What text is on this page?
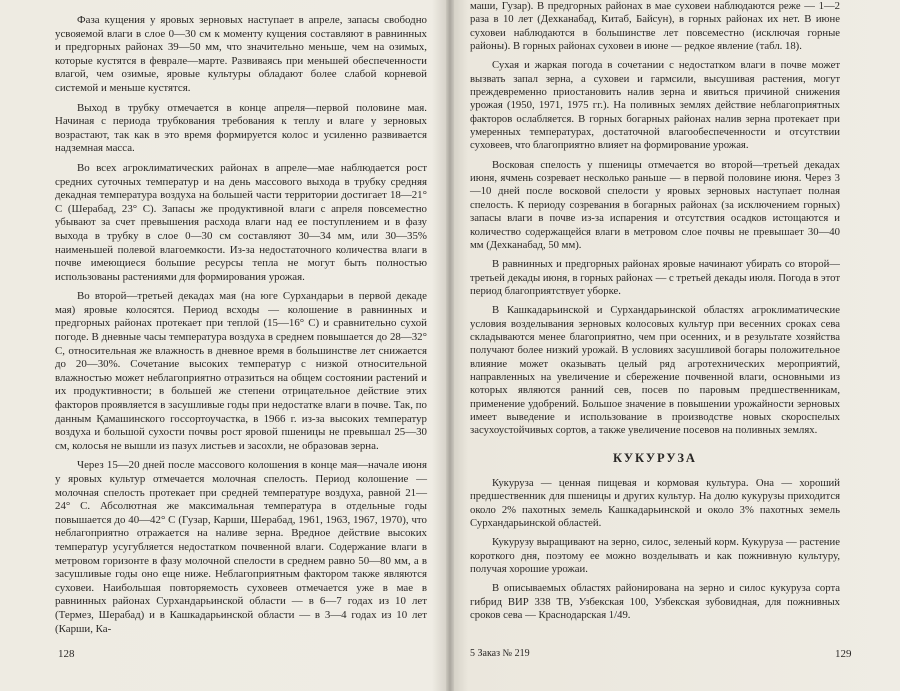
Фаза кущения у яровых зерновых наступает в апреле, запасы свободно усвояемой влаги в слое 0—30 см к моменту кущения составляют в равнинных и предгорных районах 39—50 мм, что значительно меньше, чем на озимых, которые кустятся в феврале—марте. Развиваясь при меньшей обеспеченности влагой, чем озимые, яровые культуры обладают более слабой корневой системой и меньше кустятся.

Выход в трубку отмечается в конце апреля—первой половине мая. Начиная с периода трубкования требования к теплу и влаге у зерновых возрастают, так как в это время формируется колос и усиленно развивается надземная масса.

Во всех агроклиматических районах в апреле—мае наблюдается рост средних суточных температур и на день массового выхода в трубку средняя декадная температура воздуха на большей части территории достигает 18—21° С (Шерабад, 23° С). Запасы же продуктивной влаги с апреля повсеместно убывают за счет превышения расхода влаги над ее поступлением и в фазу выхода в трубку в слое 0—30 см составляют 30—34 мм, или 30—35% наименьшей полевой влагоемкости. Из-за недостаточного количества влаги в почве имеющиеся большие ресурсы тепла не могут быть полностью использованы растениями для формирования урожая.

Во второй—третьей декадах мая (на юге Сурхандарьи в первой декаде мая) яровые колосятся. Период всходы — колошение в равнинных и предгорных районах протекает при теплой (15—16° С) и сравнительно сухой погоде. В дневные часы температура воздуха в среднем повышается до 28—32° С, относительная же влажность в дневное время в большинстве лет снижается до 20—30%. Сочетание высоких температур с низкой относительной влажностью может неблагоприятно отразиться на общем состоянии растений и их продуктивности; в большей же степени отрицательное действие этих факторов проявляется в засушливые годы при недостатке влаги в почве. Так, по данным Қамашинского госсортоучастка, в 1966 г. из-за высоких температур воздуха и большой сухости почвы рост яровой пшеницы не превышал 25—30 см, колосья не вышли из пазух листьев и засохли, не образовав зерна.

Через 15—20 дней после массового колошения в конце мая—начале июня у яровых культур отмечается молочная спелость. Период колошение — молочная спелость протекает при средней температуре воздуха, равной 21—24° С. Абсолютная же максимальная температура в отдельные годы повышается до 40—42° С (Гузар, Карши, Шерабад, 1961, 1963, 1967, 1970), что неблагоприятно отражается на наливе зерна. Вредное действие высоких температур усугубляется недостатком почвенной влаги. Содержание влаги в метровом горизонте в фазу молочной спелости в среднем равно 50—80 мм, а в засушливые годы оно еще ниже. Неблагоприятным фактором также являются суховеи. Наибольшая повторяемость суховеев отмечается уже в мае в равнинных районах Сурхандарьинской области — в 6—7 годах из 10 лет (Термез, Шерабад) и в Кашкадарьинской области — в 3—4 годах из 10 лет (Карши, Ка-

128

маши, Гузар). В предгорных районах в мае суховеи наблюдаются реже — 1—2 раза в 10 лет (Дехканабад, Китаб, Байсун), в горных районах их нет. В июне суховеи наблюдаются в большинстве лет повсеместно (исключая горные районы). В горных районах суховеи в июне — редкое явление (табл. 18).

Сухая и жаркая погода в сочетании с недостатком влаги в почве может вызвать запал зерна, а суховеи и гармсили, высушивая растения, могут преждевременно приостановить налив зерна и явиться причиной снижения урожая (1950, 1971, 1975 гг.). На поливных землях действие неблагоприятных факторов ослабляется. В горных богарных районах налив зерна протекает при умеренных температурах, достаточной влагообеспеченности и отсутствии суховеев, что благоприятно влияет на формирование урожая.

Восковая спелость у пшеницы отмечается во второй—третьей декадах июня, ячмень созревает несколько раньше — в первой половине июня. Через 3—10 дней после восковой спелости у яровых зерновых наступает полная спелость. К периоду созревания в богарных районах (за исключением горных) запасы влаги в почве из-за испарения и отсутствия осадков истощаются и количество содержащейся влаги в метровом слое почвы не превышает 30—40 мм (Дехканабад, 50 мм).

В равнинных и предгорных районах яровые начинают убирать со второй—третьей декады июня, в горных районах — с третьей декады июля. Погода в этот период благоприятствует уборке.

В Кашкадарьинской и Сурхандарьинской областях агроклиматические условия возделывания зерновых колосовых культур при весенних сроках сева складываются менее благоприятно, чем при осенних, и в результате хозяйства получают более низкий урожай. В условиях засушливой богары положительное влияние может оказывать целый ряд агротехнических мероприятий, направленных на увеличение и сбережение почвенной влаги, основными из которых являются ранний сев, посев по паровым предшественникам, применение удобрений. Большое значение в повышении урожайности зерновых имеет выведение и использование в производстве новых скороспелых засухоустойчивых сортов, а также увеличение посевов на поливных землях.

КУКУРУЗА

Кукуруза — ценная пищевая и кормовая культура. Она — хороший предшественник для пшеницы и других культур. На долю кукурузы приходится около 2% пахотных земель Кашкадарьинской и около 3% пахотных земель Сурхандарьинской областей.

Кукурузу выращивают на зерно, силос, зеленый корм. Кукуруза — растение короткого дня, поэтому ее можно возделывать и как пожнивную культуру, получая хорошие урожаи.

В описываемых областях районирована на зерно и силос кукуруза сорта гибрид ВИР 338 ТВ, Узбекская 100, Узбекская зубовидная, для пожнивных сроков сева — Краснодарская 1/49.

5 Заказ № 219	129
